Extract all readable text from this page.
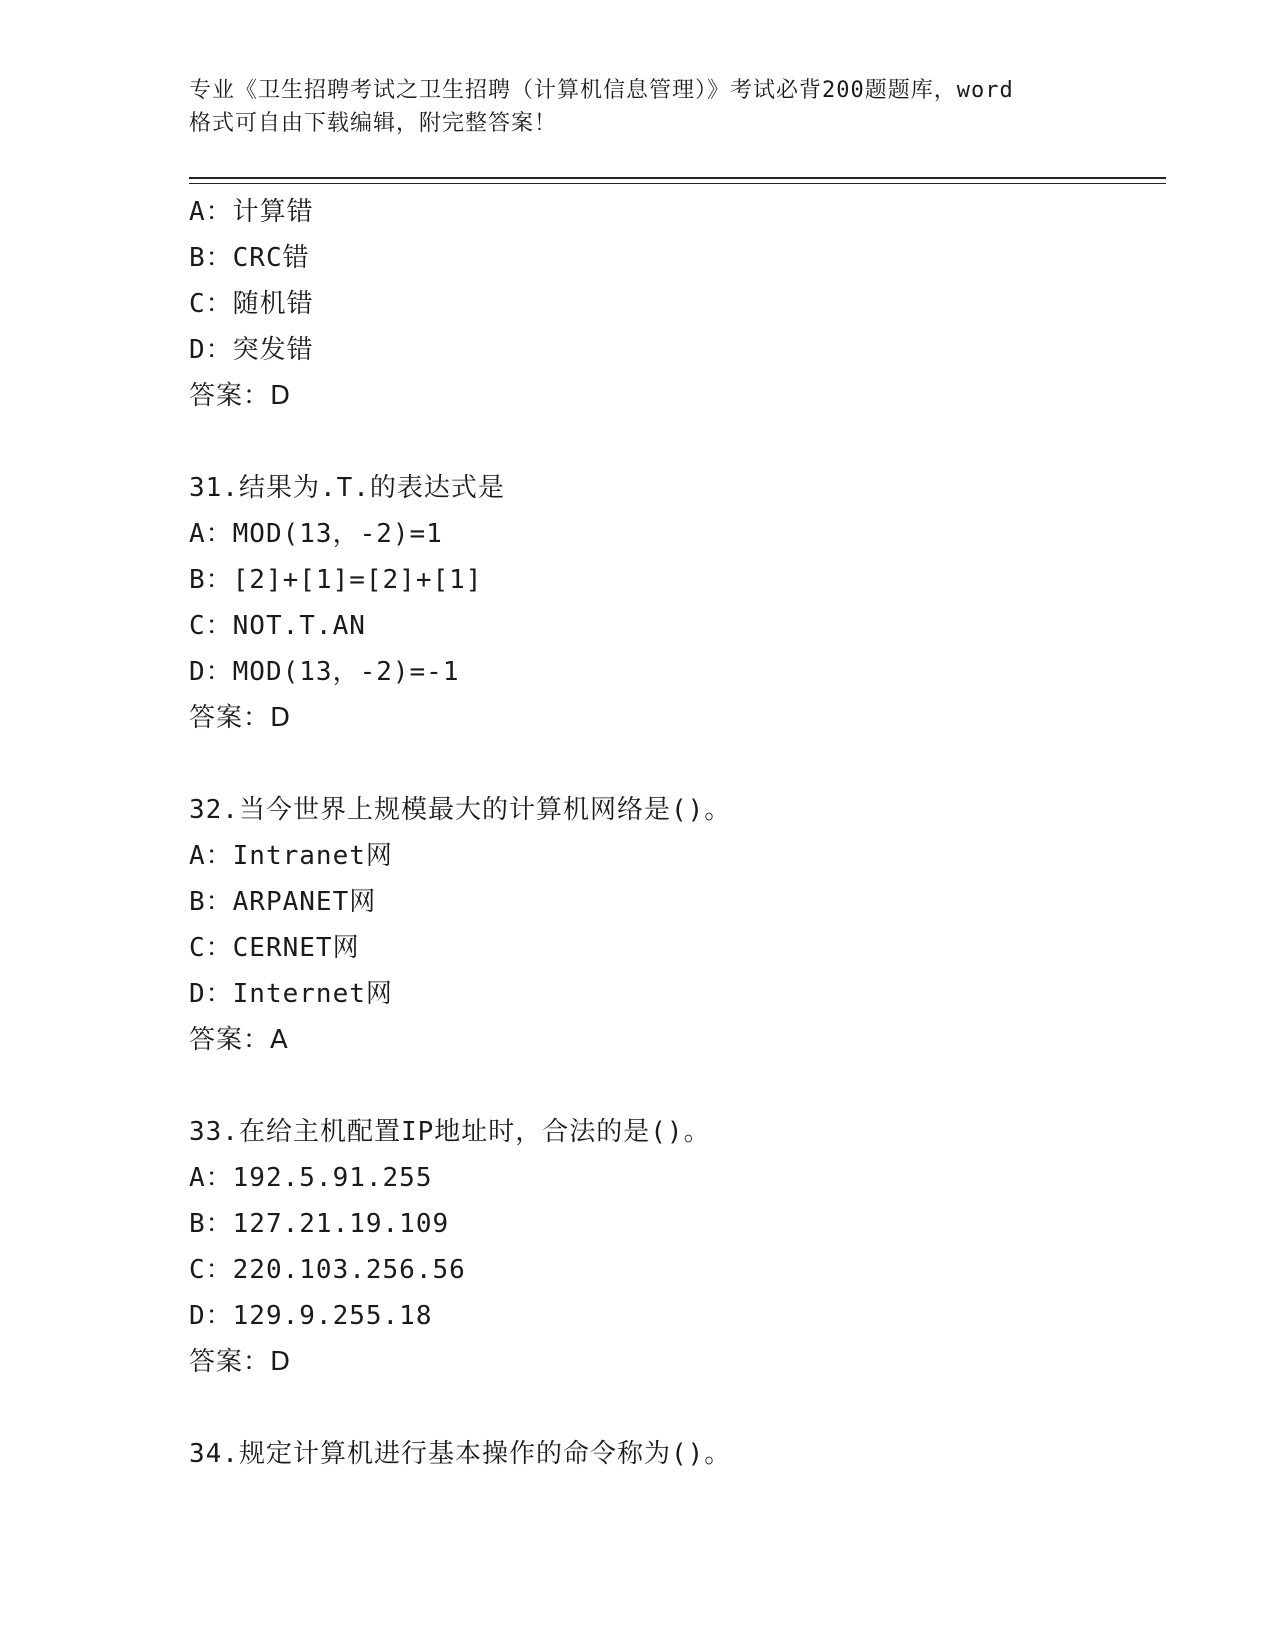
专业《卫生招聘考试之卫生招聘（计算机信息管理）》考试必背200题题库，word
格式可自由下载编辑，附完整答案！
A：计算错
B：CRC错
C：随机错
D：突发错
答案：D
31.结果为.T.的表达式是
A：MOD(13，-2)=1
B：[2]+[1]=[2]+[1]
C：NOT.T.AN
D：MOD(13，-2)=-1
答案：D
32.当今世界上规模最大的计算机网络是()。
A：Intranet网
B：ARPANET网
C：CERNET网
D：Internet网
答案：A
33.在给主机配置IP地址时，合法的是()。
A：192.5.91.255
B：127.21.19.109
C：220.103.256.56
D：129.9.255.18
答案：D
34.规定计算机进行基本操作的命令称为()。
